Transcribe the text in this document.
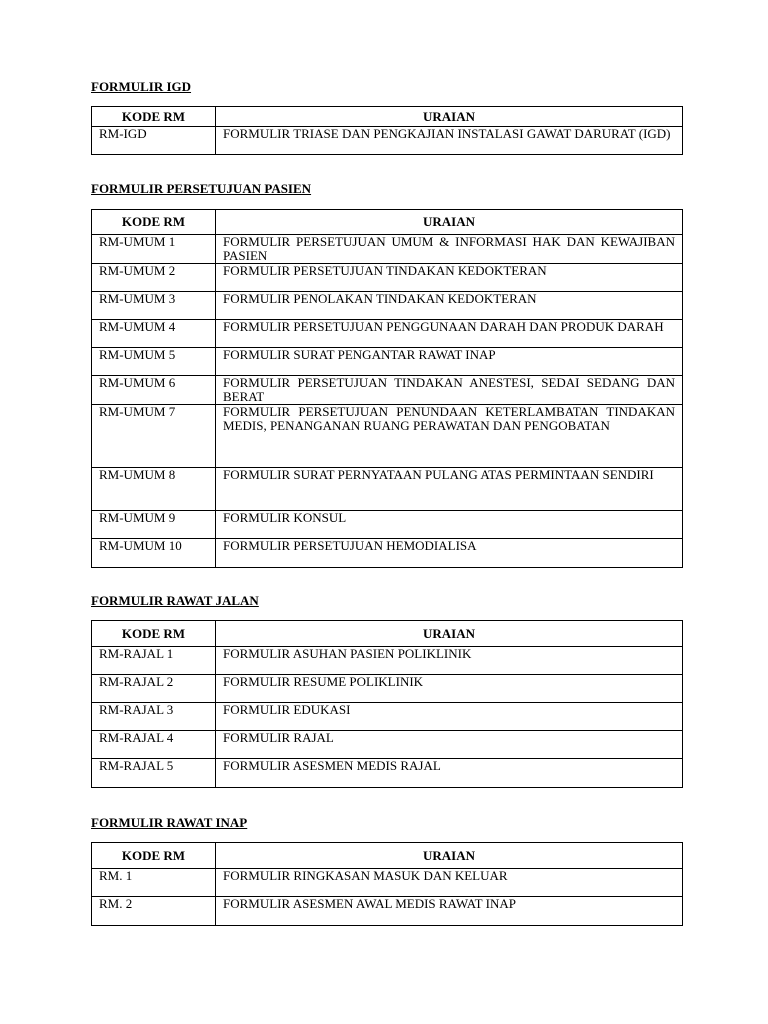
FORMULIR IGD

KODE RM	URAIAN
RM-IGD	FORMULIR TRIASE DAN PENGKAJIAN INSTALASI GAWAT DARURAT (IGD)

FORMULIR PERSETUJUAN PASIEN

KODE RM	URAIAN
RM-UMUM 1	FORMULIR PERSETUJUAN UMUM & INFORMASI HAK DAN KEWAJIBAN PASIEN
RM-UMUM 2	FORMULIR PERSETUJUAN TINDAKAN KEDOKTERAN
RM-UMUM 3	FORMULIR PENOLAKAN TINDAKAN KEDOKTERAN
RM-UMUM 4	FORMULIR PERSETUJUAN PENGGUNAAN DARAH DAN PRODUK DARAH
RM-UMUM 5	FORMULIR SURAT PENGANTAR RAWAT INAP
RM-UMUM 6	FORMULIR PERSETUJUAN TINDAKAN ANESTESI, SEDAI SEDANG DAN BERAT
RM-UMUM 7	FORMULIR PERSETUJUAN PENUNDAAN KETERLAMBATAN TINDAKAN MEDIS, PENANGANAN RUANG PERAWATAN DAN PENGOBATAN
RM-UMUM 8	FORMULIR SURAT PERNYATAAN PULANG ATAS PERMINTAAN SENDIRI
RM-UMUM 9	FORMULIR KONSUL
RM-UMUM 10	FORMULIR PERSETUJUAN HEMODIALISA

FORMULIR RAWAT JALAN

KODE RM	URAIAN
RM-RAJAL 1	FORMULIR ASUHAN PASIEN POLIKLINIK
RM-RAJAL 2	FORMULIR RESUME POLIKLINIK
RM-RAJAL 3	FORMULIR EDUKASI
RM-RAJAL 4	FORMULIR RAJAL
RM-RAJAL 5	FORMULIR ASESMEN MEDIS RAJAL

FORMULIR RAWAT INAP

KODE RM	URAIAN
RM. 1	FORMULIR RINGKASAN MASUK DAN KELUAR
RM. 2	FORMULIR ASESMEN AWAL MEDIS RAWAT INAP
